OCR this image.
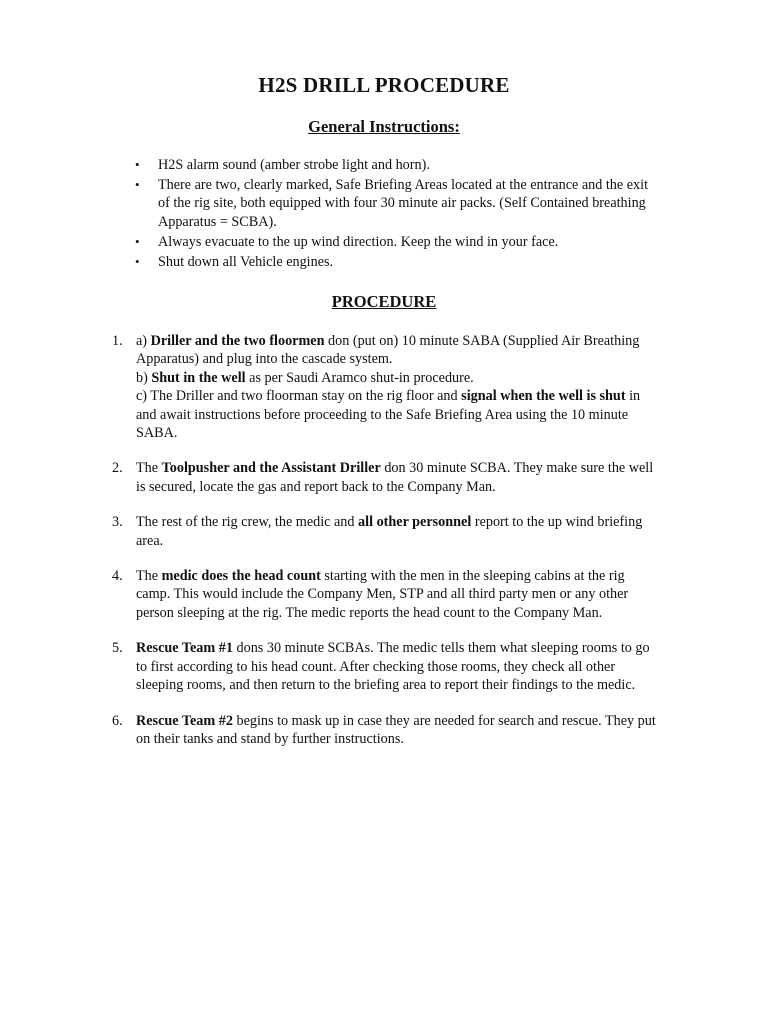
H2S DRILL PROCEDURE
General Instructions:
• H2S alarm sound (amber strobe light and horn).
• There are two, clearly marked, Safe Briefing Areas located at the entrance and the exit of the rig site, both equipped with four 30 minute air packs. (Self Contained breathing Apparatus = SCBA).
• Always evacuate to the up wind direction. Keep the wind in your face.
• Shut down all Vehicle engines.
PROCEDURE
1. a) Driller and the two floormen don (put on) 10 minute SABA (Supplied Air Breathing Apparatus) and plug into the cascade system.
b) Shut in the well as per Saudi Aramco shut-in procedure.
c) The Driller and two floorman stay on the rig floor and signal when the well is shut in and await instructions before proceeding to the Safe Briefing Area using the 10 minute SABA.
2. The Toolpusher and the Assistant Driller don 30 minute SCBA. They make sure the well is secured, locate the gas and report back to the Company Man.
3. The rest of the rig crew, the medic and all other personnel report to the up wind briefing area.
4. The medic does the head count starting with the men in the sleeping cabins at the rig camp. This would include the Company Men, STP and all third party men or any other person sleeping at the rig. The medic reports the head count to the Company Man.
5. Rescue Team #1 dons 30 minute SCBAs. The medic tells them what sleeping rooms to go to first according to his head count. After checking those rooms, they check all other sleeping rooms, and then return to the briefing area to report their findings to the medic.
6. Rescue Team #2 begins to mask up in case they are needed for search and rescue. They put on their tanks and stand by further instructions.
